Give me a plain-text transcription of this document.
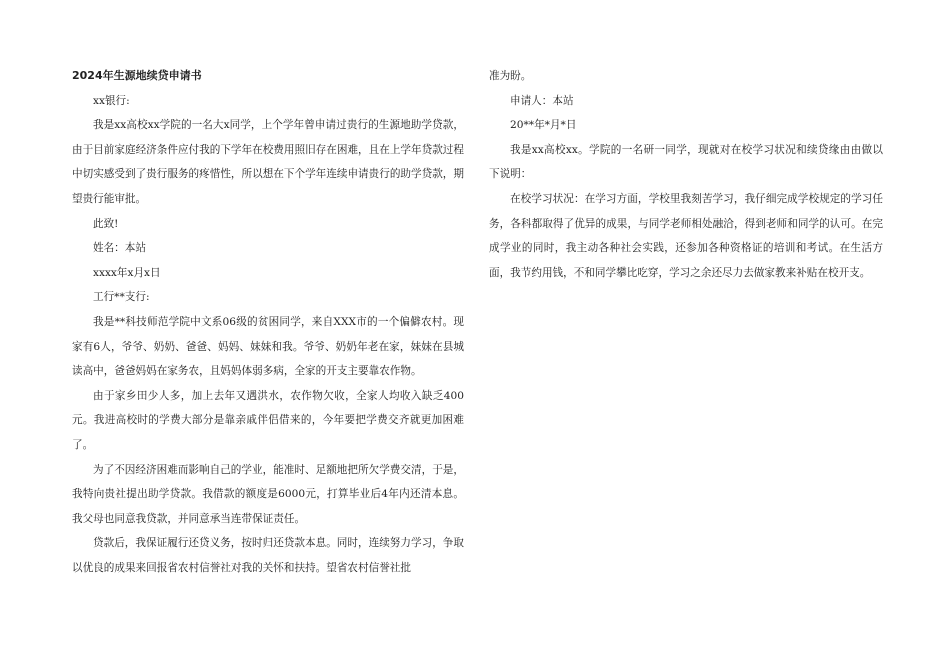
2024年生源地续贷申请书

xx银行:

我是xx高校xx学院的一名大x同学，上个学年曾申请过贵行的生源地助学贷款，由于目前家庭经济条件应付我的下学年在校费用照旧存在困难，且在上学年贷款过程中切实感受到了贵行服务的疼惜性，所以想在下个学年连续申请贵行的助学贷款，期望贵行能审批。

此致!

姓名：本站

xxxx年x月x日

工行**支行:

我是**科技师范学院中文系06级的贫困同学，来自XXX市的一个偏僻农村。现家有6人，爷爷、奶奶、爸爸、妈妈、妹妹和我。爷爷、奶奶年老在家，妹妹在县城读高中，爸爸妈妈在家务农，且妈妈体弱多病，全家的开支主要靠农作物。

由于家乡田少人多，加上去年又遇洪水，农作物欠收，全家人均收入缺乏400元。我进高校时的学费大部分是靠亲戚伴侣借来的，今年要把学费交齐就更加困难了。

为了不因经济困难而影响自己的学业，能准时、足额地把所欠学费交清，于是，我特向贵社提出助学贷款。我借款的额度是6000元，打算毕业后4年内还清本息。我父母也同意我贷款，并同意承当连带保证责任。

贷款后，我保证履行还贷义务，按时归还贷款本息。同时，连续努力学习，争取以优良的成果来回报省农村信誉社对我的关怀和扶持。望省农村信誉社批

准为盼。

申请人：本站

20**年*月*日

我是xx高校xx。学院的一名研一同学，现就对在校学习状况和续贷缘由由做以下说明：

在校学习状况：在学习方面，学校里我刻苦学习，我仔细完成学校规定的学习任务，各科都取得了优异的成果，与同学老师相处融洽，得到老师和同学的认可。在完成学业的同时，我主动各种社会实践，还参加各种资格证的培训和考试。在生活方面，我节约用钱，不和同学攀比吃穿，学习之余还尽力去做家教来补贴在校开支。
